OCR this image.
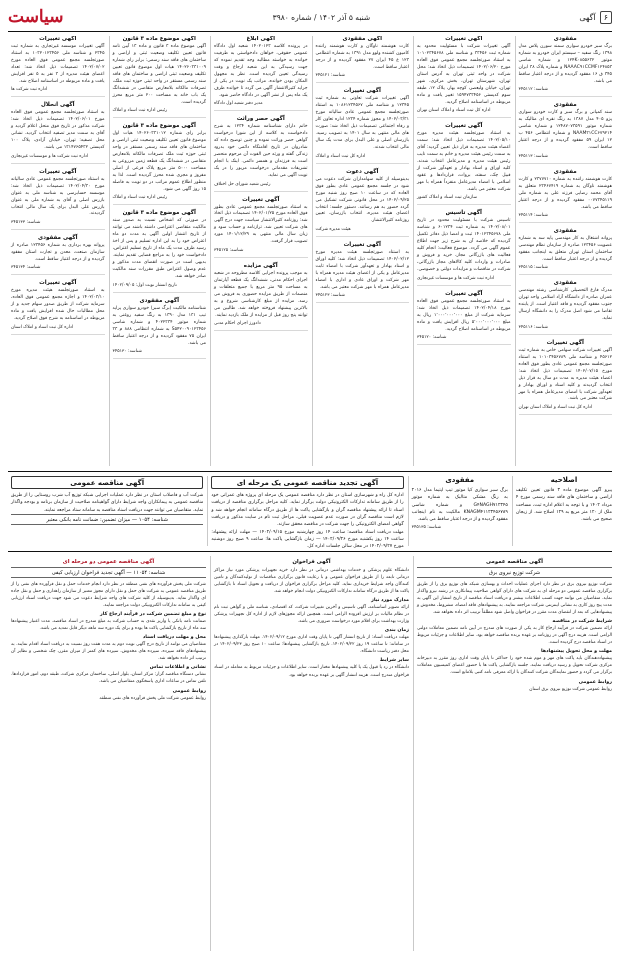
۶
آگهی
شنبه ۵ آذر ۱۴۰۲ / شماره ۳۹۸۰
سیاست
مفقودی
برگ سبز خودرو سواری سمند سورن پلاس مدل ۱۳۹۸ رنگ سفید – سیستم ایران خودرو به شماره موتور ۱۲۴K۰۸۵۵۶۳۲ و شماره شاسی NAAAC۹۱CCMF۱۲۴۸۵۳ و شماره پلاک ۳۸ ایران ۳۴۵ ق ۱۶ مفقود گردیده و از درجه اعتبار ساقط می باشد.
شناسه: ۳۴۵۱۱۲
مفقودی
سند کمپانی و برگ سبز و کارت خودرو سواری پژو ۴۰۵ مدل ۱۳۸۷ به رنگ نقره ای متالیک به شماره موتور ۱۲۴۸۷۰۷۳۵۹۱ و شماره شاسی NAAM۳۱CC۶۷۹۲۱۴ و شماره انتظامی ۴۵۶ ب ۱۲ ایران ۵۹ مفقود گردیده و از درجه اعتبار ساقط است.
شناسه: ۳۴۵۱۱۳
مفقودی
کارت هوشمند راننده به شماره ۲۳۷۷۷۱۰ و کارت هوشمند ناوگان به شماره ۲۳۴۶۷۴۱۹ متعلق به آقای محمد رضایی فرزند علی به شماره ملی ۰۰۷۷۳۴۵۱۱۹ مفقود گردیده و از درجه اعتبار ساقط می باشد.
شناسه: ۳۴۵۱۱۴
مفقودی
پروانه اشتغال به کار مهندسی پایه سه به شماره عضویت ۱۲۳۴۵۶ صادره از سازمان نظام مهندسی ساختمان استان تهران متعلق به اینجانب مفقود گردیده و از درجه اعتبار ساقط است.
شناسه: ۳۴۵۱۱۵
مفقودی
مدرک فارغ التحصیلی کارشناسی رشته مهندسی عمران صادره از دانشگاه آزاد اسلامی واحد تهران جنوب مفقود گردیده و فاقد اعتبار است. از یابنده تقاضا می شود اصل مدرک را به دانشگاه ارسال نماید.
شناسه: ۳۴۵۱۱۶
آگهی تغییرات
آگهی تغییرات شرکت سهامی خاص به شماره ثبت ۴۵۶۱۲ و شناسه ملی ۱۰۱۰۳۴۵۶۷۸۹ به استناد صورتجلسه مجمع عمومی عادی بطور فوق العاده مورخ ۱۴۰۲/۰۷/۱۵ تصمیمات ذیل اتخاذ شد: اعضاء هیئت مدیره به مدت دو سال به قرار ذیل انتخاب گردیدند و کلیه اسناد و اوراق بهادار و تعهدآور شرکت با امضای مدیرعامل همراه با مهر شرکت معتبر می باشد.
اداره کل ثبت اسناد و املاک استان تهران
آگهی تغییرات
آگهی تغییرات شرکت با مسئولیت محدود به شماره ثبت ۳۳۴۵۶ و شناسه ملی ۱۰۱۰۲۳۴۵۶۷۸ به استناد صورتجلسه مجمع عمومی فوق العاده مورخ ۱۴۰۲/۰۶/۲۰ تصمیمات ذیل اتخاذ شد: محل شرکت در واحد ثبتی تهران به آدرس استان تهران، شهرستان تهران، بخش مرکزی، شهر تهران، خیابان ولیعصر، کوچه بهار، پلاک ۱۲، طبقه سوم کدپستی ۱۵۹۴۷۳۳۴۵۶ تغییر یافت و ماده مربوطه در اساسنامه اصلاح گردید.
اداره کل ثبت اسناد و املاک استان تهران
آگهی تغییرات
به استناد صورتجلسه هیئت مدیره مورخ ۱۴۰۲/۰۵/۱۰ تصمیمات ذیل اتخاذ شد: سمت اعضاء هیئت مدیره به قرار ذیل تعیین گردید: آقای به سمت رئیس هیئت مدیره و خانم به سمت نایب رئیس هیئت مدیره و مدیرعامل انتخاب شدند. کلیه اوراق و اسناد بهادار و تعهدآور شرکت از قبیل چک، سفته، بروات، قراردادها و عقود اسلامی با امضاء مدیرعامل منفرداً همراه با مهر شرکت معتبر می باشد.
سازمان ثبت اسناد و املاک کشور
آگهی تاسیس
تاسیس شرکت با مسئولیت محدود در تاریخ ۱۴۰۲/۰۸/۰۱ به شماره ثبت ۶۰۱۲۳۴ و شناسه ملی ۱۴۰۱۲۳۴۵۶۷۸ ثبت و امضا ذیل دفاتر تکمیل گردیده که خلاصه آن به شرح زیر جهت اطلاع عموم آگهی می گردد. موضوع فعالیت: انجام کلیه فعالیت های بازرگانی مجاز، خرید و فروش و صادرات و واردات کلیه کالاهای مجاز بازرگانی، شرکت در مناقصات و مزایدات دولتی و خصوصی.
اداره ثبت شرکت ها و موسسات غیرتجاری
آگهی تغییرات
به استناد صورتجلسه مجمع عمومی فوق العاده مورخ ۱۴۰۲/۰۴/۱۸ تصمیمات ذیل اتخاذ شد: سرمایه شرکت از مبلغ ۱٬۰۰۰٬۰۰۰٬۰۰۰ ریال به مبلغ ۵٬۰۰۰٬۰۰۰٬۰۰۰ ریال افزایش یافت و ماده مربوطه در اساسنامه اصلاح گردید.
شناسه: ۳۴۵۱۲۰
آگهی مفقودی
کارت هوشمند ناوگان و کارت هوشمند راننده کامیون کشنده ولوو مدل ۱۳۹۱ به شماره انتظامی ۱۲۳ ع ۴۵ ایران ۲۷ مفقود گردیده و از درجه اعتبار ساقط است.
شناسه: ۳۴۵۱۲۱
آگهی تغییرات
آگهی تغییرات شرکت تعاونی به شماره ثبت ۱۲۳۴۵ و شناسه ملی ۱۰۸۶۱۲۳۴۵۶۷ به استناد صورتجلسه مجمع عمومی عادی سالیانه مورخ ۱۴۰۲/۰۳/۳۱ و مجوز شماره ۱۲۳۴ اداره تعاون کار و رفاه اجتماعی تصمیمات ذیل اتخاذ شد: صورت های مالی منتهی به سال ۱۴۰۱ به تصویب رسید. بازرسان اصلی و علی البدل برای مدت یک سال مالی انتخاب شدند.
اداره کل ثبت اسناد و املاک
آگهی دعوت
بدینوسیله از کلیه سهامداران شرکت دعوت می شود در جلسه مجمع عمومی عادی بطور فوق العاده که در ساعت ۱۰ صبح روز شنبه مورخ ۱۴۰۲/۰۹/۲۵ در محل قانونی شرکت تشکیل می گردد حضور به هم رسانند. دستور جلسه: انتخاب اعضای هیئت مدیره، انتخاب بازرسان، تعیین روزنامه کثیرالانتشار.
هیئت مدیره شرکت
آگهی تغییرات
به استناد صورتجلسه هیئت مدیره مورخ ۱۴۰۲/۰۲/۱۲ تصمیمات ذیل اتخاذ شد: کلیه اوراق و اسناد بهادار و تعهدآور شرکت با امضاء ثابت مدیرعامل و یکی از اعضای هیئت مدیره همراه با مهر شرکت و اوراق عادی و اداری با امضاء مدیرعامل همراه با مهر شرکت معتبر می باشد.
شناسه: ۳۴۵۱۲۳
آگهی ابلاغ
در پرونده کلاسه ۱۴۰۲۰۱۲۳ شعبه اول دادگاه عمومی حقوقی، خواهان دادخواستی به طرفیت خوانده به خواسته مطالبه وجه تقدیم نموده که جهت رسیدگی به این شعبه ارجاع و وقت رسیدگی تعیین گردیده است. نظر به مجهول المکان بودن خوانده، مراتب یک نوبت در یکی از جراید کثیرالانتشار آگهی می گردد تا خوانده ظرف یک ماه پس از نشر آگهی در دادگاه حاضر شود.
مدیر دفتر شعبه اول دادگاه
آگهی حصر وراثت
خانم دارای شناسنامه شماره ۱۲۳۴ به شرح دادخواست به کلاسه از این شورا درخواست گواهی حصر وراثت نموده و چنین توضیح داده که شادروان در تاریخ اقامتگاه دائمی خود بدرود زندگی گفته و ورثه حین الفوت آن مرحوم منحصر است به فرزندان و همسر دائمی. اینک با انجام تشریفات مقدماتی درخواست مزبور را در یک نوبت آگهی می نماید.
رئیس شعبه شورای حل اختلاف
آگهی تغییرات
به استناد صورتجلسه مجمع عمومی عادی بطور فوق العاده مورخ ۱۴۰۲/۰۱/۲۵ تصمیمات ذیل اتخاذ شد: روزنامه کثیرالانتشار سیاست جهت درج آگهی های شرکت تعیین شد. ترازنامه و حساب سود و زیان سال مالی منتهی به ۱۴۰۱/۱۲/۲۹ مورد تصویب قرار گرفت.
شناسه: ۳۴۵۱۲۵
آگهی مزایده
به موجب پرونده اجرایی کلاسه مطروحه در شعبه اجرای احکام مدنی، ششدانگ یک قطعه آپارتمان به مساحت ۹۵ متر مربع با جمیع متعلقات و منضمات از طریق مزایده حضوری به فروش می رسد. مزایده از مبلغ کارشناسی شروع و به بالاترین پیشنهاد فروخته خواهد شد. طالبین می توانند پنج روز قبل از مزایده از ملک بازدید نمایند.
دادورز اجرای احکام مدنی
آگهی موضوع ماده ۳ قانون
آگهی موضوع ماده ۳ قانون و ماده ۱۳ آیین نامه قانون تعیین تکلیف وضعیت ثبتی و اراضی و ساختمان های فاقد سند رسمی: برابر رای شماره ۱۴۰۲۶۰۳۳۱۰۰۹ هیات اول موضوع قانون تعیین تکلیف وضعیت ثبتی اراضی و ساختمان های فاقد سند رسمی مستقر در واحد ثبتی حوزه ثبت ملک، تصرفات مالکانه بلامعارض متقاضی در ششدانگ یک باب خانه به مساحت ۲۰۰ متر مربع محرز گردیده است.
رئیس اداره ثبت اسناد و املاک
آگهی موضوع ماده ۳ قانون
برابر رای شماره ۱۴۰۲۶۰۳۳۱۰۱۲ هیات اول موضوع قانون تعیین تکلیف وضعیت ثبتی اراضی و ساختمان های فاقد سند رسمی مستقر در واحد ثبتی حوزه ثبت ملک تصرفات مالکانه بلامعارض متقاضی در ششدانگ یک قطعه زمین مزروعی به مساحت ۵۰۰۰ متر مربع پلاک فرعی از اصلی مفروز و مجزی شده محرز گردیده است. لذا به منظور اطلاع عموم مراتب در دو نوبت به فاصله ۱۵ روز آگهی می شود.
رئیس اداره ثبت اسناد و املاک
آگهی موضوع ماده ۳ قانون
در صورتی که اشخاص نسبت به صدور سند مالکیت متقاضی اعتراضی داشته باشند می توانند از تاریخ انتشار اولین آگهی به مدت دو ماه اعتراض خود را به این اداره تسلیم و پس از اخذ رسید ظرف مدت یک ماه از تاریخ تسلیم اعتراض، دادخواست خود را به مراجع قضایی تقدیم نمایند. بدیهی است در صورت انقضای مدت مذکور و عدم وصول اعتراض طبق مقررات سند مالکیت صادر خواهد شد.
تاریخ انتشار نوبت اول: ۱۴۰۲/۰۹/۰۵
آگهی مفقودی
شناسنامه مالکیت (برگ سبز) خودرو سواری پراید تیپ ۱۳۱ مدل ۱۳۹۰ به رنگ سفید روغنی به شماره موتور ۴۰۲۲۳۳۴ و شماره شاسی S۵۴۲۰۰۹۰۱۲۳۴۵۶ به شماره انتظامی ۸۸۸ م ۳۳ ایران ۷۵ مفقود گردیده و از درجه اعتبار ساقط می باشد.
شناسه: ۳۴۵۱۳۰
آگهی تغییرات
آگهی تغییرات موسسه غیرتجاری به شماره ثبت ۲۳۴۵ و شناسه ملی ۱۰۳۲۰۱۲۳۴۵۶ به استناد صورتجلسه مجمع عمومی فوق العاده مورخ ۱۴۰۲/۰۷/۰۲ تصمیمات ذیل اتخاذ شد: تعداد اعضای هیئت مدیره از ۳ نفر به ۵ نفر افزایش یافت و ماده مربوطه در اساسنامه اصلاح شد.
اداره ثبت شرکت ها
آگهی انحلال
به استناد صورتجلسه مجمع عمومی فوق العاده مورخ ۱۴۰۲/۰۶/۰۱ تصمیمات ذیل اتخاذ شد: شرکت مذکور در تاریخ فوق منحل اعلام گردید و آقای به سمت مدیر تصفیه انتخاب گردید. نشانی محل تصفیه: تهران، خیابان آزادی، پلاک ۱۰۰ کدپستی ۱۳۱۴۷۶۵۴۳۲ می باشد.
اداره ثبت شرکت ها و موسسات غیرتجاری
آگهی تغییرات
به استناد صورتجلسه مجمع عمومی عادی سالیانه مورخ ۱۴۰۲/۰۴/۳۰ تصمیمات ذیل اتخاذ شد: موسسه حسابرسی به شناسه ملی به عنوان بازرس اصلی و آقای به شماره ملی به عنوان بازرس علی البدل برای یک سال مالی انتخاب گردیدند.
شناسه: ۳۴۵۱۳۳
آگهی مفقودی
پروانه بهره برداری به شماره ۱۲۳۴۵۶ صادره از سازمان صنعت، معدن و تجارت استان مفقود گردیده و از درجه اعتبار ساقط است.
شناسه: ۳۴۵۱۳۴
آگهی تغییرات
به استناد صورتجلسه هیئت مدیره مورخ ۱۴۰۲/۰۳/۱۰ و اجازه مجمع عمومی فوق العاده، سرمایه شرکت از طریق صدور سهام جدید و از محل مطالبات حال شده افزایش یافت و ماده مربوطه در اساسنامه به شرح فوق اصلاح گردید.
اداره کل ثبت اسناد و املاک استان
اصلاحیه
پیرو آگهی موضوع ماده ۳ قانون تعیین تکلیف اراضی و ساختمان های فاقد سند رسمی مورخ ۴ مرداد ۱۴۰۲ و با توجه به اعلام اداره ثبت، مساحت ملک از ۱۲۰ متر مربع به ۱۲۹ اصلاح شد. از زیجان صحیح می باشد.
مفقودی
برگ سبز سواری کیا موتور تیپ اپتیما مدل ۲۰۱۶ به رنگ مشکی متالیک به شماره موتور G۴NAGH۷۱۲۳۴۵ و شماره شاسی KNAGM۴۱۱۲۳۴۵۶۷۸۹ مالکیت به نام اینجانب مفقود گردیده و از درجه اعتبار ساقط می باشد.
شناسه: ۳۴۵۱۳۵
آگهی تجدید مناقصه عمومی یک مرحله ای
اداره کل راه و شهرسازی استان در نظر دارد مناقصه عمومی یک مرحله ای پروژه های عمرانی خود را از طریق سامانه تدارکات الکترونیکی دولت برگزار نماید. کلیه مراحل برگزاری مناقصه از دریافت اسناد تا ارائه پیشنهاد مناقصه گران و بازگشایی پاکت ها از طریق درگاه سامانه انجام خواهد شد و لازم است مناقصه گران در صورت عدم عضویت قبلی، مراحل ثبت نام در سایت مذکور و دریافت گواهی امضای الکترونیکی را جهت شرکت در مناقصه محقق سازند.
مهلت دریافت اسناد مناقصه: ساعت ۱۴ روز چهارشنبه مورخ ۱۴۰۲/۰۹/۱۵ — مهلت ارائه پیشنهاد: ساعت ۱۴ روز یکشنبه مورخ ۱۴۰۲/۰۹/۲۶ — زمان بازگشایی پاکت ها: ساعت ۹ صبح روز دوشنبه مورخ ۱۴۰۲/۰۹/۲۷ در محل سالن جلسات اداره کل.
آگهی مناقصه عمومی
شرکت آب و فاضلاب استان در نظر دارد عملیات اجرایی شبکه توزیع آب شرب روستایی را از طریق مناقصه عمومی به پیمانکاران واجد شرایط دارای گواهینامه صلاحیت از سازمان برنامه و بودجه واگذار نماید. متقاضیان می توانند جهت دریافت اسناد مناقصه به سامانه ستاد مراجعه نمایند.
شناسه: ۱۰۵۴ — میزان تضمین: ضمانت نامه بانکی معتبر
آگهی مناقصه عمومی
شرکت توزیع نیروی برق
شرکت توزیع نیروی برق در نظر دارد اجرای عملیات احداث و بهسازی شبکه های توزیع برق را از طریق برگزاری مناقصه عمومی دو مرحله ای به شرکت های دارای گواهی صلاحیت پیمانکاری در رشته نیرو واگذار نماید. متقاضیان می توانند جهت کسب اطلاعات بیشتر و دریافت اسناد مناقصه از تاریخ انتشار این آگهی به مدت پنج روز کاری به نشانی اینترنتی شرکت مراجعه نمایند. به پیشنهادهای فاقد امضاء، مشروط، مخدوش و پیشنهادهایی که بعد از انقضای مدت مقرر در فراخوان واصل شود مطلقاً ترتیب اثر داده نخواهد شد.
شرایط شرکت در مناقصه
ارائه تضمین شرکت در فرآیند ارجاع کار به یکی از صورت های مندرج در آیین نامه تضمین معاملات دولتی الزامی است. هزینه درج آگهی در روزنامه بر عهده برنده مناقصه خواهد بود. سایر اطلاعات و جزئیات مربوط در اسناد مناقصه درج گردیده است.
مهلت و محل تحویل پیشنهادها
پیشنهاددهندگان باید پاکت های مهر و موم شده خود را حداکثر تا پایان وقت اداری روز مقرر به دبیرخانه مرکزی شرکت تحویل و رسید دریافت نمایند. جلسه بازگشایی پاکت ها با حضور اعضای کمیسیون معاملات برگزار می گردد و حضور نمایندگان شرکت کنندگان با ارائه معرفی نامه کتبی بلامانع است.
روابط عمومی
روابط عمومی شرکت توزیع نیروی برق استان
آگهی فراخوان
دانشگاه علوم پزشکی و خدمات بهداشتی درمانی در نظر دارد خرید تجهیزات پزشکی مورد نیاز مراکز درمانی تابعه را از طریق فراخوان عمومی و با رعایت قانون برگزاری مناقصات از تولیدکنندگان و تامین کنندگان واجد شرایط خریداری نماید. کلیه مراحل برگزاری فراخوان از دریافت و تحویل اسناد تا بازگشایی پاکت ها از طریق درگاه سامانه تدارکات الکترونیکی دولت انجام خواهد شد.
مدارک مورد نیاز
ارائه تصویر اساسنامه، آگهی تاسیس و آخرین تغییرات شرکت، کد اقتصادی، شناسه ملی و گواهی ثبت نام در نظام مالیات بر ارزش افزوده الزامی است. همچنین ارائه مجوزهای لازم از اداره کل تجهیزات پزشکی وزارت بهداشت برای اقلام مورد درخواست ضروری می باشد.
زمان بندی
مهلت دریافت اسناد: از تاریخ انتشار آگهی تا پایان وقت اداری مورخ ۱۴۰۲/۰۹/۱۲. مهلت بارگذاری پیشنهادها در سامانه: تا ساعت ۱۹ روز ۱۴۰۲/۰۹/۲۲. تاریخ بازگشایی پیشنهادها: ساعت ۱۰ صبح روز ۱۴۰۲/۰۹/۲۳ در محل دفتر ریاست دانشگاه.
سایر شرایط
دانشگاه در رد یا قبول یک یا کلیه پیشنهادها مختار است. سایر اطلاعات و جزئیات مربوط به معامله در اسناد فراخوان مندرج است. هزینه انتشار آگهی بر عهده برنده خواهد بود.
آگهی مناقصه عمومی دو مرحله ای
شناسه: ۱۱۰۵۴ — آگهی تجدید فراخوان ارزیابی کیفی
شرکت ملی پخش فرآورده های نفتی منطقه در نظر دارد انجام خدمات حمل و نقل فرآورده های نفتی را از طریق مناقصه عمومی به شرکت های حمل و نقل دارای مجوز معتبر از سازمان راهداری و حمل و نقل جاده ای واگذار نماید. بدینوسیله از کلیه شرکت های واجد شرایط دعوت می شود جهت دریافت اسناد ارزیابی کیفی به سامانه تدارکات الکترونیکی دولت مراجعه نمایند.
نوع و مبلغ تضمین شرکت در فرآیند ارجاع کار
ضمانت نامه بانکی یا واریز نقدی به حساب شرکت به مبلغ مندرج در اسناد مناقصه. مدت اعتبار پیشنهادها سه ماه از تاریخ بازگشایی پاکت ها بوده و برای یک دوره سه ماهه دیگر قابل تمدید می باشد.
محل و مهلت دریافت اسناد
متقاضیان می توانند از تاریخ درج آگهی نوبت دوم به مدت هفت روز نسبت به دریافت اسناد اقدام نمایند. به پیشنهادهای فاقد سپرده، سپرده های مخدوش، سپرده های کمتر از میزان مقرر، چک شخصی و نظایر آن ترتیب اثر داده نخواهد شد.
نشانی و اطلاعات تماس
نشانی دستگاه مناقصه گزار: مرکز استان، بلوار اصلی، ساختمان مرکزی شرکت، طبقه دوم، امور قراردادها. تلفن تماس در ساعات اداری پاسخگوی متقاضیان می باشد.
روابط عمومی
روابط عمومی شرکت ملی پخش فرآورده های نفتی منطقه
